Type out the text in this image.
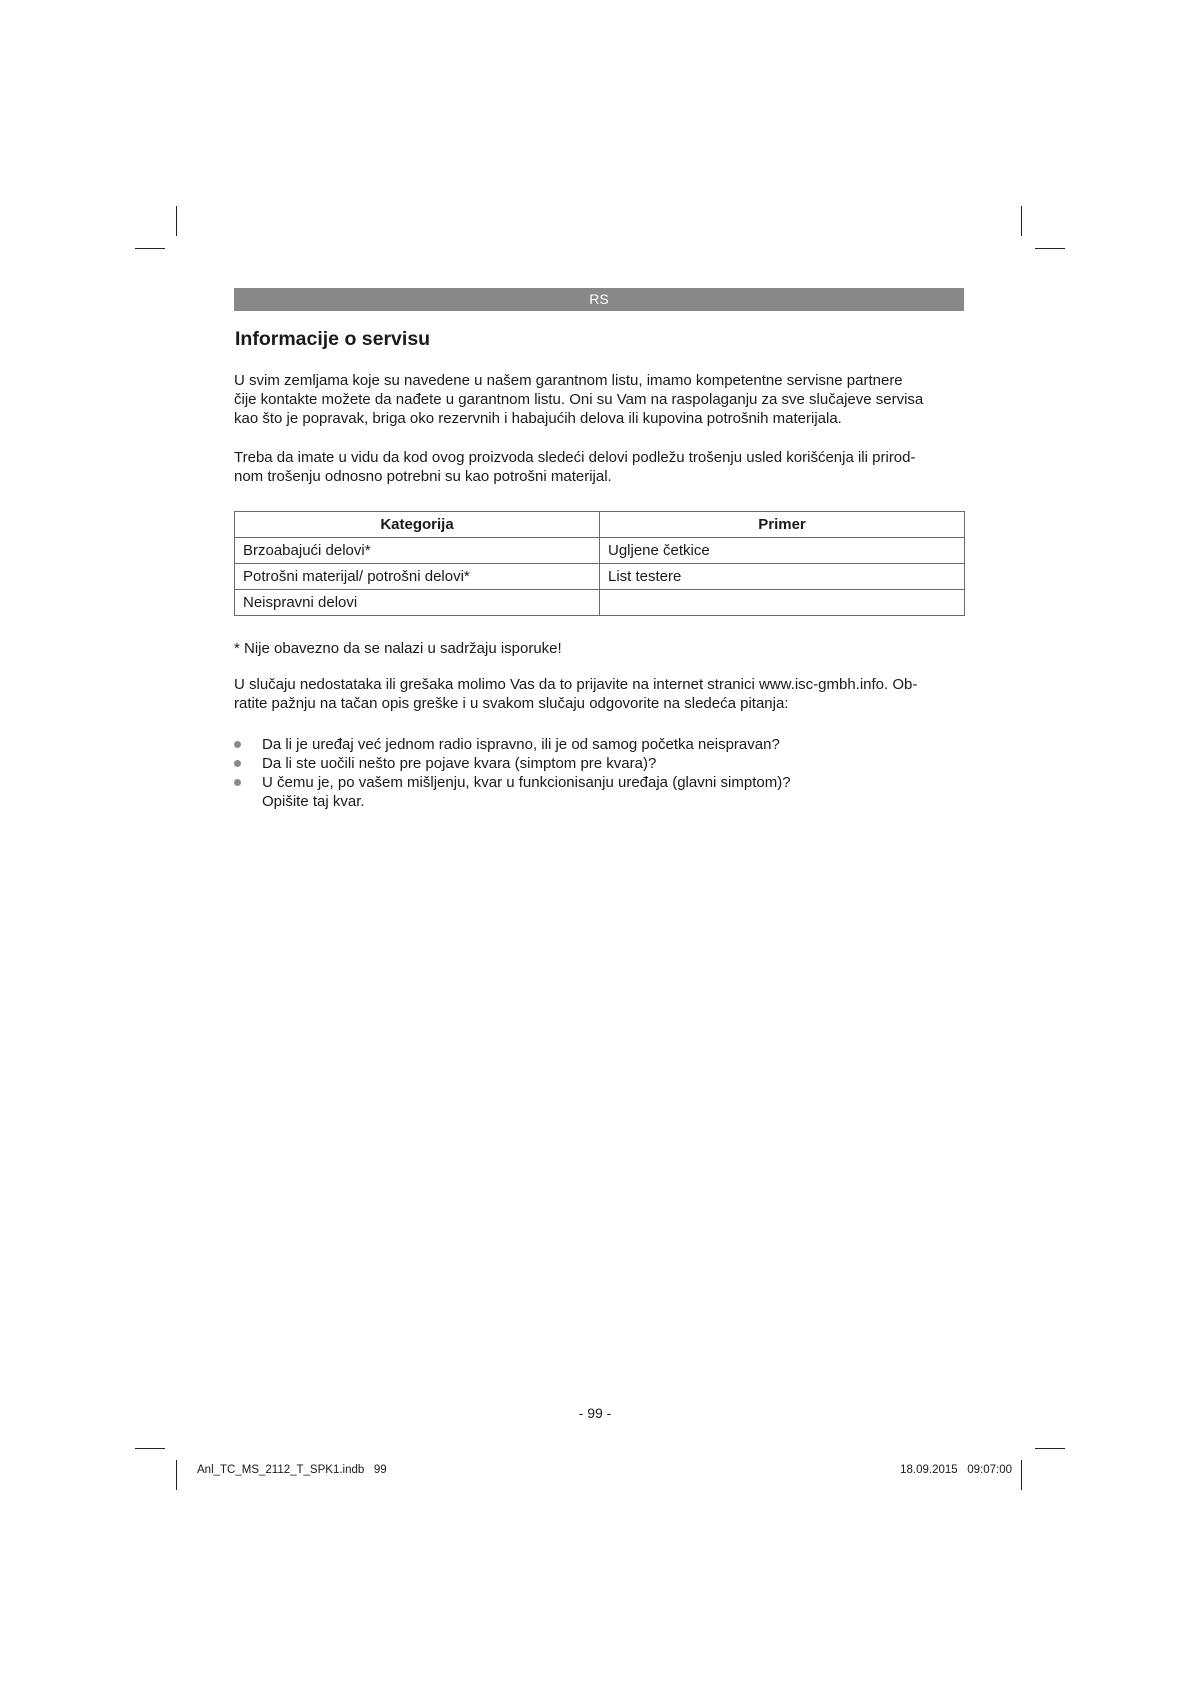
RS
Informacije o servisu

U svim zemljama koje su navedene u našem garantnom listu, imamo kompetentne servisne partnere
čije kontakte možete da nađete u garantnom listu. Oni su Vam na raspolaganju za sve slučajeve servisa
kao što je popravak, briga oko rezervnih i habajućih delova ili kupovina potrošnih materijala.

Treba da imate u vidu da kod ovog proizvoda sledeći delovi podležu trošenju usled korišćenja ili prirod-
nom trošenju odnosno potrebni su kao potrošni materijal.

Kategorija	Primer
Brzoabajući delovi*	Ugljene četkice
Potrošni materijal/ potrošni delovi*	List testere
Neispravni delovi	

* Nije obavezno da se nalazi u sadržaju isporuke!

U slučaju nedostataka ili grešaka molimo Vas da to prijavite na internet stranici www.isc-gmbh.info. Ob-
ratite pažnju na tačan opis greške i u svakom slučaju odgovorite na sledeća pitanja:

Da li je uređaj već jednom radio ispravno, ili je od samog početka neispravan?
Da li ste uočili nešto pre pojave kvara (simptom pre kvara)?
U čemu je, po vašem mišljenju, kvar u funkcionisanju uređaja (glavni simptom)?
Opišite taj kvar.
- 99 -
Anl_TC_MS_2112_T_SPK1.indb   99	18.09.2015   09:07:00
